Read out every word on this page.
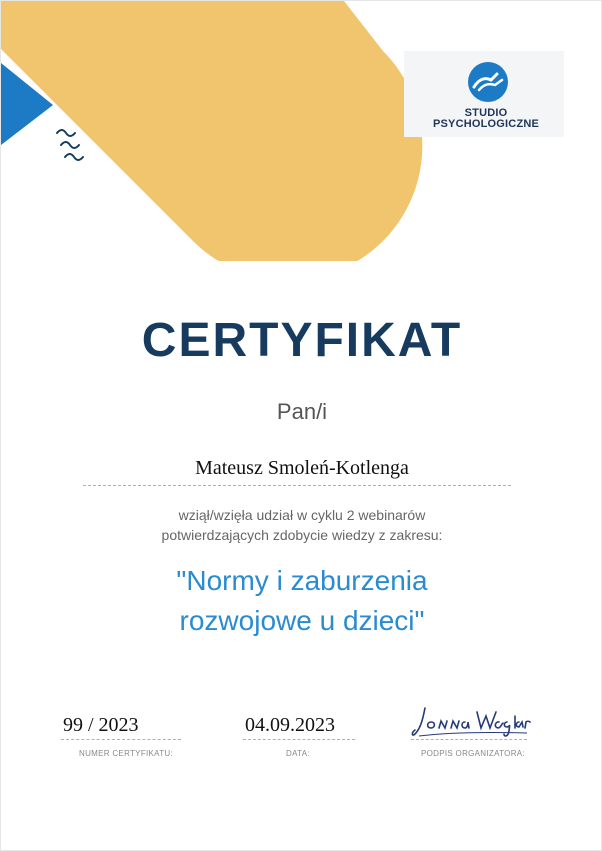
STUDIO
PSYCHOLOGICZNE
CERTYFIKAT
Pan/i
Mateusz Smoleń-Kotlenga
wziął/wzięła udział w cyklu 2 webinarów
potwierdzających zdobycie wiedzy z zakresu:
"Normy i zaburzenia
rozwojowe u dzieci"
99 / 2023
NUMER CERTYFIKATU:
04.09.2023
DATA:	PODPIS ORGANIZATORA:
